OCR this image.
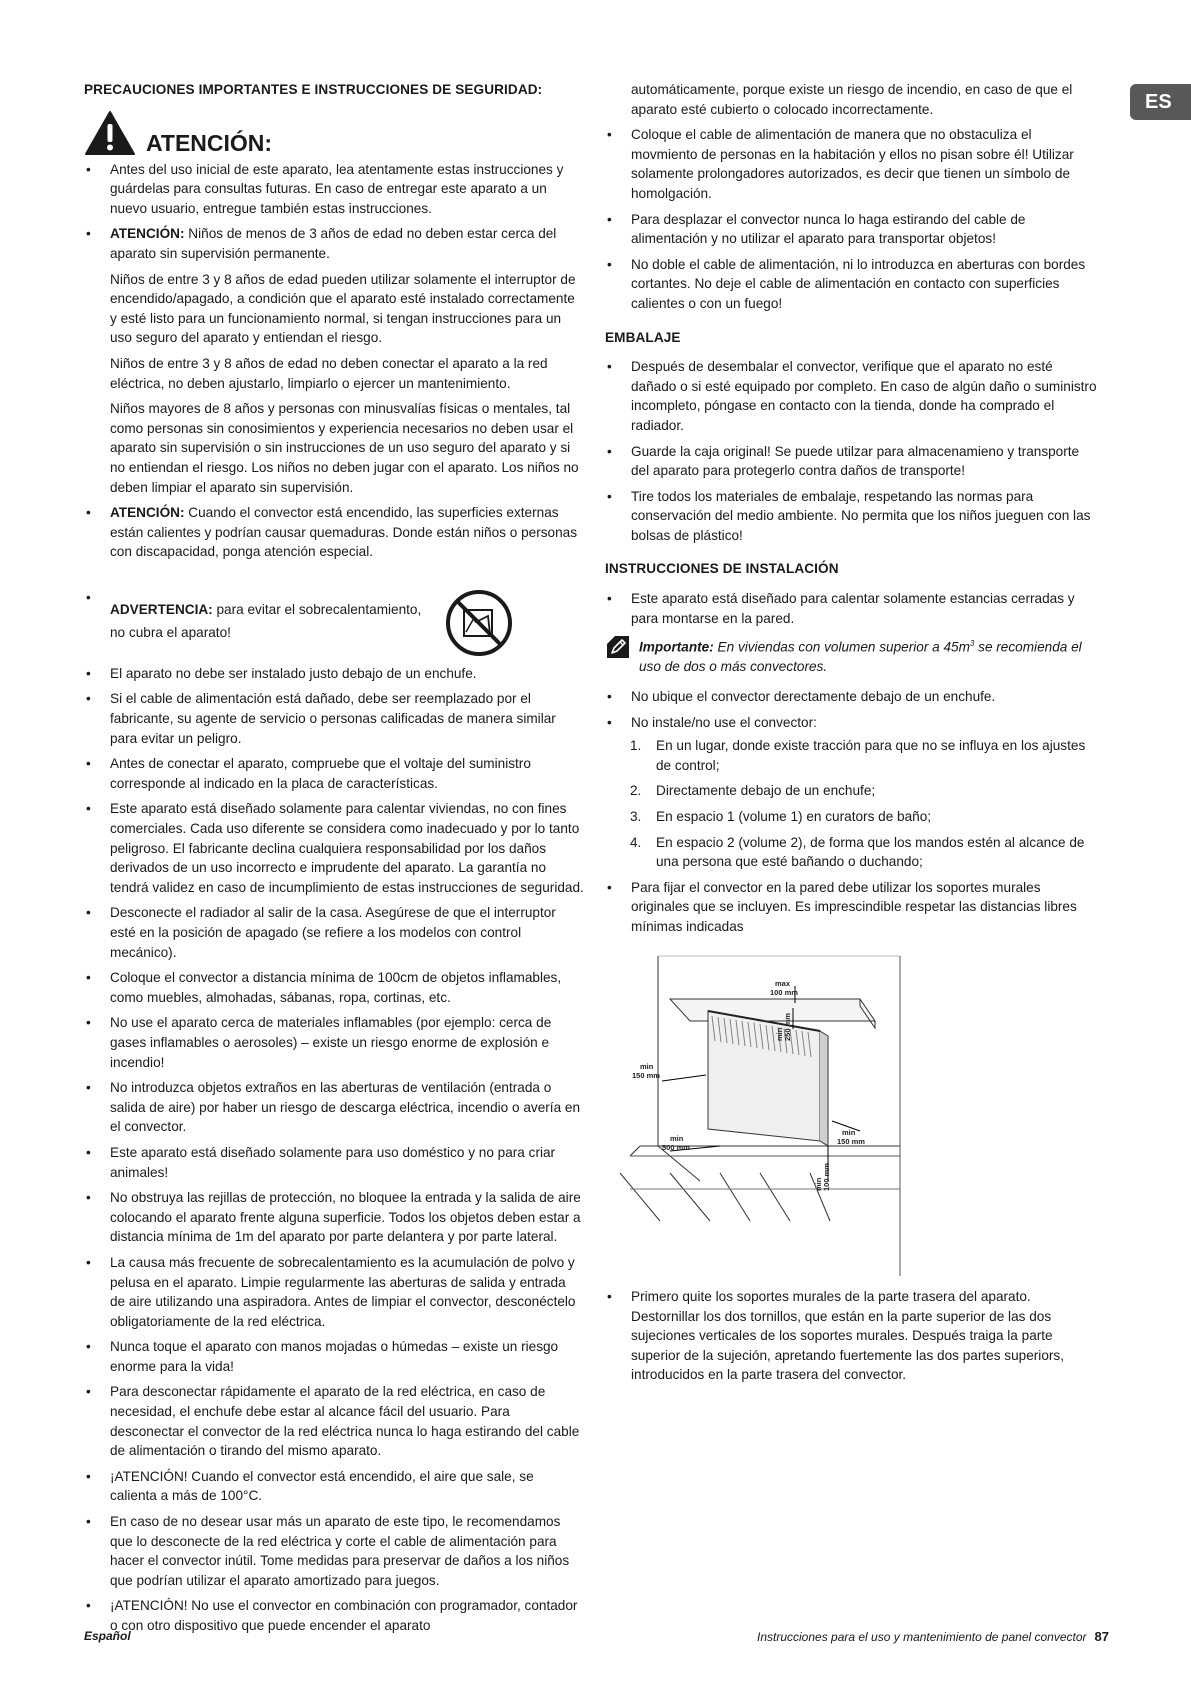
ES
PRECAUCIONES IMPORTANTES E INSTRUCCIONES DE SEGURIDAD:
ATENCIÓN:
• Antes del uso inicial de este aparato, lea atentamente estas instrucciones y guárdelas para consultas futuras. En caso de entregar este aparato a un nuevo usuario, entregue también estas instrucciones.
• ATENCIÓN: Niños de menos de 3 años de edad no deben estar cerca del aparato sin supervisión permanente.

Niños de entre 3 y 8 años de edad pueden utilizar solamente el interruptor de encendido/apagado, a condición que el aparato esté instalado correctamente y esté listo para un funcionamiento normal, si tengan instrucciones para un uso seguro del aparato y entiendan el riesgo.

Niños de entre 3 y 8 años de edad no deben conectar el aparato a la red eléctrica, no deben ajustarlo, limpiarlo o ejercer un mantenimiento.

Niños mayores de 8 años y personas con minusvalías físicas o mentales, tal como personas sin conosimientos y experiencia necesarios no deben usar el aparato sin supervisión o sin instrucciones de un uso seguro del aparato y si no entiendan el riesgo. Los niños no deben jugar con el aparato. Los niños no deben limpiar el aparato sin supervisión.

• ATENCIÓN: Cuando el convector está encendido, las superficies externas están calientes y podrían causar quemaduras. Donde están niños o personas con discapacidad, ponga atención especial.
• ADVERTENCIA: para evitar el sobrecalentamiento,

no cubra el aparato!
• El aparato no debe ser instalado justo debajo de un enchufe.
• Si el cable de alimentación está dañado, debe ser reemplazado por el fabricante, su agente de servicio o personas calificadas de manera similar para evitar un peligro.
• Antes de conectar el aparato, compruebe que el voltaje del suministro corresponde al indicado en la placa de características.
• Este aparato está diseñado solamente para calentar viviendas, no con fines comerciales. Cada uso diferente se considera como inadecuado y por lo tanto peligroso. El fabricante declina cualquiera responsabilidad por los daños derivados de un uso incorrecto e imprudente del aparato. La garantía no tendrá validez en caso de incumplimiento de estas instrucciones de seguridad.
• Desconecte el radiador al salir de la casa. Asegúrese de que el interruptor esté en la posición de apagado (se refiere a los modelos con control mecánico).
• Coloque el convector a distancia mínima de 100cm de objetos inflamables, como muebles, almohadas, sábanas, ropa, cortinas, etc.
• No use el aparato cerca de materiales inflamables (por ejemplo: cerca de gases inflamables o aerosoles) – existe un riesgo enorme de explosión e incendio!
• No introduzca objetos extraños en las aberturas de ventilación (entrada o salida de aire) por haber un riesgo de descarga eléctrica, incendio o avería en el convector.
• Este aparato está diseñado solamente para uso doméstico y no para criar animales!
• No obstruya las rejillas de protección, no bloquee la entrada y la salida de aire colocando el aparato frente alguna superficie. Todos los objetos deben estar a distancia mínima de 1m del aparato por parte delantera y por parte lateral.
• La causa más frecuente de sobrecalentamiento es la acumulación de polvo y pelusa en el aparato. Limpie regularmente las aberturas de salida y entrada de aire utilizando una aspiradora. Antes de limpiar el convector, desconéctelo obligatoriamente de la red eléctrica.
• Nunca toque el aparato con manos mojadas o húmedas – existe un riesgo enorme para la vida!
• Para desconectar rápidamente el aparato de la red eléctrica, en caso de necesidad, el enchufe debe estar al alcance fácil del usuario. Para desconectar el convector de la red eléctrica nunca lo haga estirando del cable de alimentación o tirando del mismo aparato.
• ¡ATENCIÓN! Cuando el convector está encendido, el aire que sale, se calienta a más de 100°C.
• En caso de no desear usar más un aparato de este tipo, le recomendamos que lo desconecte de la red eléctrica y corte el cable de alimentación para hacer el convector inútil. Tome medidas para preservar de daños a los niños que podrían utilizar el aparato amortizado para juegos.
• ¡ATENCIÓN! No use el convector en combinación con programador, contador o con otro dispositivo que puede encender el aparato

automáticamente, porque existe un riesgo de incendio, en caso de que el aparato esté cubierto o colocado incorrectamente.

• Coloque el cable de alimentación de manera que no obstaculiza el movmiento de personas en la habitación y ellos no pisan sobre él! Utilizar solamente prolongadores autorizados, es decir que tienen un símbolo de homolgación.
• Para desplazar el convector nunca lo haga estirando del cable de alimentación y no utilizar el aparato para transportar objetos!
• No doble el cable de alimentación, ni lo introduzca en aberturas con bordes cortantes. No deje el cable de alimentación en contacto con superficies calientes o con un fuego!
EMBALAJE
• Después de desembalar el convector, verifique que el aparato no esté dañado o si esté equipado por completo. En caso de algún daño o suministro incompleto, póngase en contacto con la tienda, donde ha comprado el radiador.
• Guarde la caja original! Se puede utilzar para almacenamieno y transporte del aparato para protegerlo contra daños de transporte!
• Tire todos los materiales de embalaje, respetando las normas para conservación del medio ambiente. No permita que los niños jueguen con las bolsas de plástico!
INSTRUCCIONES DE INSTALACIÓN
• Este aparato está diseñado para calentar solamente estancias cerradas y para montarse en la pared.
Importante: En viviendas con volumen superior a $45m^3$ se recomienda el uso de dos o más convectores.
• No ubique el convector derectamente debajo de un enchufe.
• No instale/no use el convector:
1. En un lugar, donde existe tracción para que no se influya en los ajustes de control;
2. Directamente debajo de un enchufe;
3. En espacio 1 (volume 1) en curators de baño;
4. En espacio 2 (volume 2), de forma que los mandos estén al alcance de una persona que esté bañando o duchando;
• Para fijar el convector en la pared debe utilizar los soportes murales originales que se incluyen. Es imprescindible respetar las distancias libres mínimas indicadas
max
100 mm
min 250 mm
min
150 mm
min
150 mm
min
500 mm
min 100 mm
• Primero quite los soportes murales de la parte trasera del aparato. Destornillar los dos tornillos, que están en la parte superior de las dos sujeciones verticales de los soportes murales. Después traiga la parte superior de la sujeción, apretando fuertemente las dos partes superiors, introducidos en la parte trasera del convector.
Español	Instrucciones para el uso y mantenimiento de panel convector 87
